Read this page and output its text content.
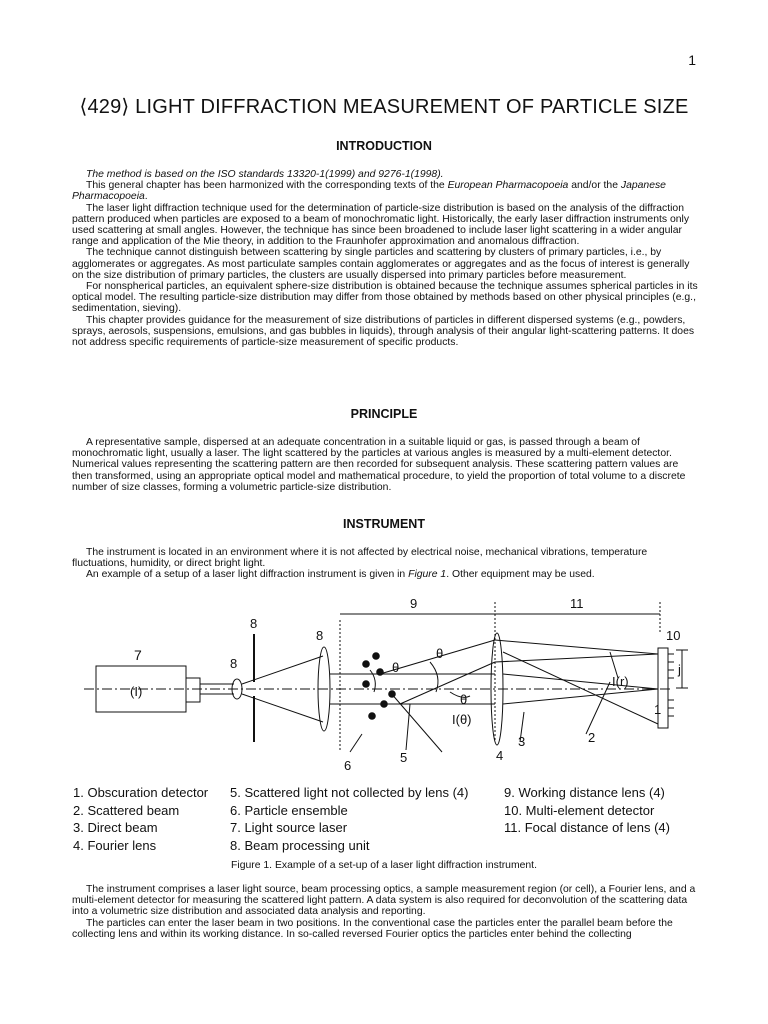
1
⟨429⟩ LIGHT DIFFRACTION MEASUREMENT OF PARTICLE SIZE
INTRODUCTION

The method is based on the ISO standards 13320-1(1999) and 9276-1(1998).

This general chapter has been harmonized with the corresponding texts of the European Pharmacopoeia and/or the Japanese Pharmacopoeia.

The laser light diffraction technique used for the determination of particle-size distribution is based on the analysis of the diffraction pattern produced when particles are exposed to a beam of monochromatic light. Historically, the early laser diffraction instruments only used scattering at small angles. However, the technique has since been broadened to include laser light scattering in a wider angular range and application of the Mie theory, in addition to the Fraunhofer approximation and anomalous diffraction.

The technique cannot distinguish between scattering by single particles and scattering by clusters of primary particles, i.e., by agglomerates or aggregates. As most particulate samples contain agglomerates or aggregates and as the focus of interest is generally on the size distribution of primary particles, the clusters are usually dispersed into primary particles before measurement.

For nonspherical particles, an equivalent sphere-size distribution is obtained because the technique assumes spherical particles in its optical model. The resulting particle-size distribution may differ from those obtained by methods based on other physical principles (e.g., sedimentation, sieving).

This chapter provides guidance for the measurement of size distributions of particles in different dispersed systems (e.g., powders, sprays, aerosols, suspensions, emulsions, and gas bubbles in liquids), through analysis of their angular light-scattering patterns. It does not address specific requirements of particle-size measurement of specific products.

PRINCIPLE

A representative sample, dispersed at an adequate concentration in a suitable liquid or gas, is passed through a beam of monochromatic light, usually a laser. The light scattered by the particles at various angles is measured by a multi-element detector. Numerical values representing the scattering pattern are then recorded for subsequent analysis. These scattering pattern values are then transformed, using an appropriate optical model and mathematical procedure, to yield the proportion of total volume to a discrete number of size classes, forming a volumetric particle-size distribution.

INSTRUMENT

The instrument is located in an environment where it is not affected by electrical noise, mechanical vibrations, temperature fluctuations, humidity, or direct bright light.

An example of a setup of a laser light diffraction instrument is given in Figure 1. Other equipment may be used.

7
(I)
8
8
8
9	11
10
j
θ
θ
θ
I(θ)
I(r)
1
2
3
4
5
6
1. Obscuration detector
2. Scattered beam
3. Direct beam
4. Fourier lens
5. Scattered light not collected by lens (4)
6. Particle ensemble
7. Light source laser
8. Beam processing unit
9. Working distance lens (4)
10. Multi-element detector
11. Focal distance of lens (4)
Figure 1. Example of a set-up of a laser light diffraction instrument.

The instrument comprises a laser light source, beam processing optics, a sample measurement region (or cell), a Fourier lens, and a multi-element detector for measuring the scattered light pattern. A data system is also required for deconvolution of the scattering data into a volumetric size distribution and associated data analysis and reporting.

The particles can enter the laser beam in two positions. In the conventional case the particles enter the parallel beam before the collecting lens and within its working distance. In so-called reversed Fourier optics the particles enter behind the collecting
